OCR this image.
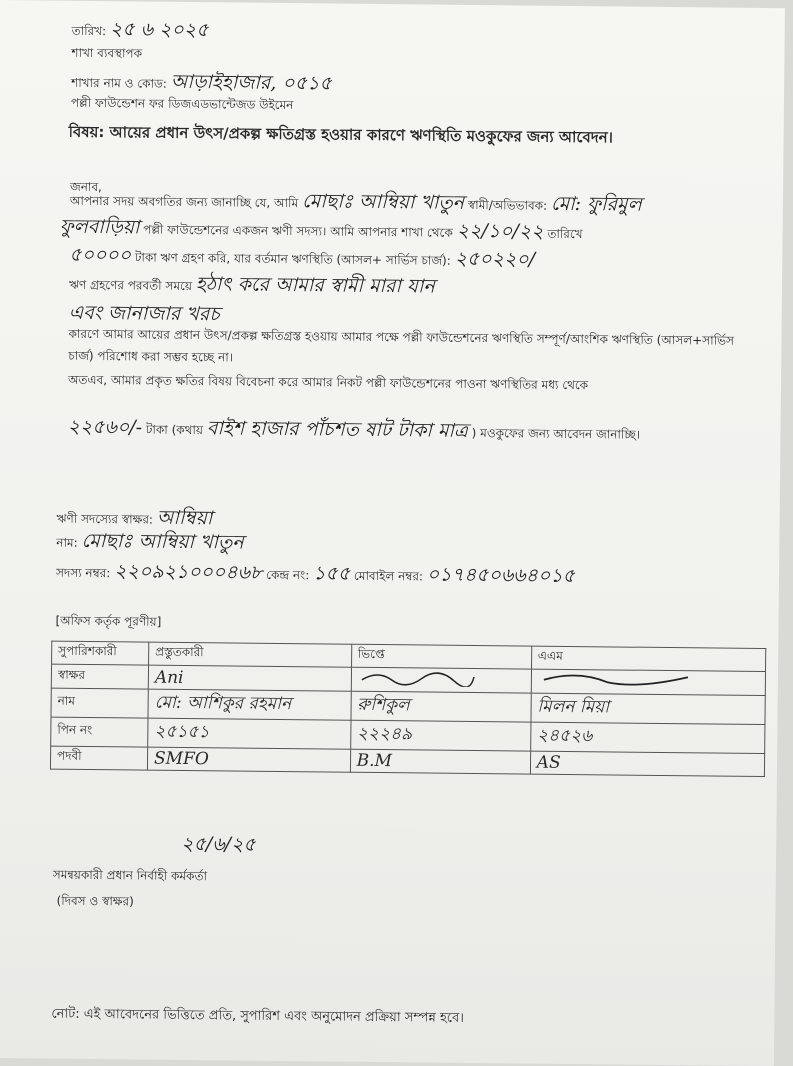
তারিখ: ২৫ ৬ ২০২৫
শাখা ব্যবস্থাপক
শাখার নাম ও কোড: আড়াইহাজার, ০৫১৫
পল্লী ফাউন্ডেশন ফর ডিজএডভান্টেজড উইমেন
বিষয়: আয়ের প্রধান উৎস/প্রকল্প ক্ষতিগ্রস্ত হওয়ার কারণে ঋণস্থিতি মওকুফের জন্য আবেদন।
জনাব,
আপনার সদয় অবগতির জন্য জানাচ্ছি যে, আমি মোছাঃ আম্বিয়া খাতুন স্বামী/অভিভাবক: মো: ফুরিমুল
ফুলবাড়িয়া পল্লী ফাউন্ডেশনের একজন ঋণী সদস্য। আমি আপনার শাখা থেকে ২২/১০/২২ তারিখে
৫০০০০ টাকা ঋণ গ্রহণ করি, যার বর্তমান ঋণস্থিতি (আসল+ সার্ভিস চার্জ): ২৫০২২০/
ঋণ গ্রহণের পরবর্তী সময়ে হঠাৎ করে আমার স্বামী মারা যান
এবং জানাজার খরচ
কারণে আমার আয়ের প্রধান উৎস/প্রকল্প ক্ষতিগ্রস্ত হওয়ায় আমার পক্ষে পল্লী ফাউন্ডেশনের ঋণস্থিতি সম্পূর্ণ/আংশিক ঋণস্থিতি (আসল+সার্ভিস চার্জ) পরিশোধ করা সম্ভব হচ্ছে না।
অতএব, আমার প্রকৃত ক্ষতির বিষয় বিবেচনা করে আমার নিকট পল্লী ফাউন্ডেশনের পাওনা ঋণস্থিতির মধ্য থেকে
২২৫৬০/- টাকা (কথায় বাইশ হাজার পাঁচশত ষাট টাকা মাত্র ) মওকুফের জন্য আবেদন জানাচ্ছি।
ঋণী সদস্যের স্বাক্ষর: আম্বিয়া
নাম: মোছাঃ আম্বিয়া খাতুন
সদস্য নম্বর: ২২০৯২১০০০৪৬৮ কেন্দ্র নং: ১৫৫ মোবাইল নম্বর: ০১৭৪৫০৬৬৪০১৫
[অফিস কর্তৃক পূরণীয়]
সুপারিশকারী	প্রস্তুতকারী	ভিপ্তে	এএম
স্বাক্ষর	Ani		
নাম	মো: আশিকুর রহমান	রুশিকুল	মিলন মিয়া
পিন নং	২৫১৫১	২২২৪৯	২৪৫২৬
পদবী	SMFO	B.M	AS
২৫/৬/২৫
সমন্বয়কারী প্রধান নির্বাহী কর্মকর্তা
(দিবস ও স্বাক্ষর)
নোট: এই আবেদনের ভিত্তিতে প্রতি, সুপারিশ এবং অনুমোদন প্রক্রিয়া সম্পন্ন হবে।
